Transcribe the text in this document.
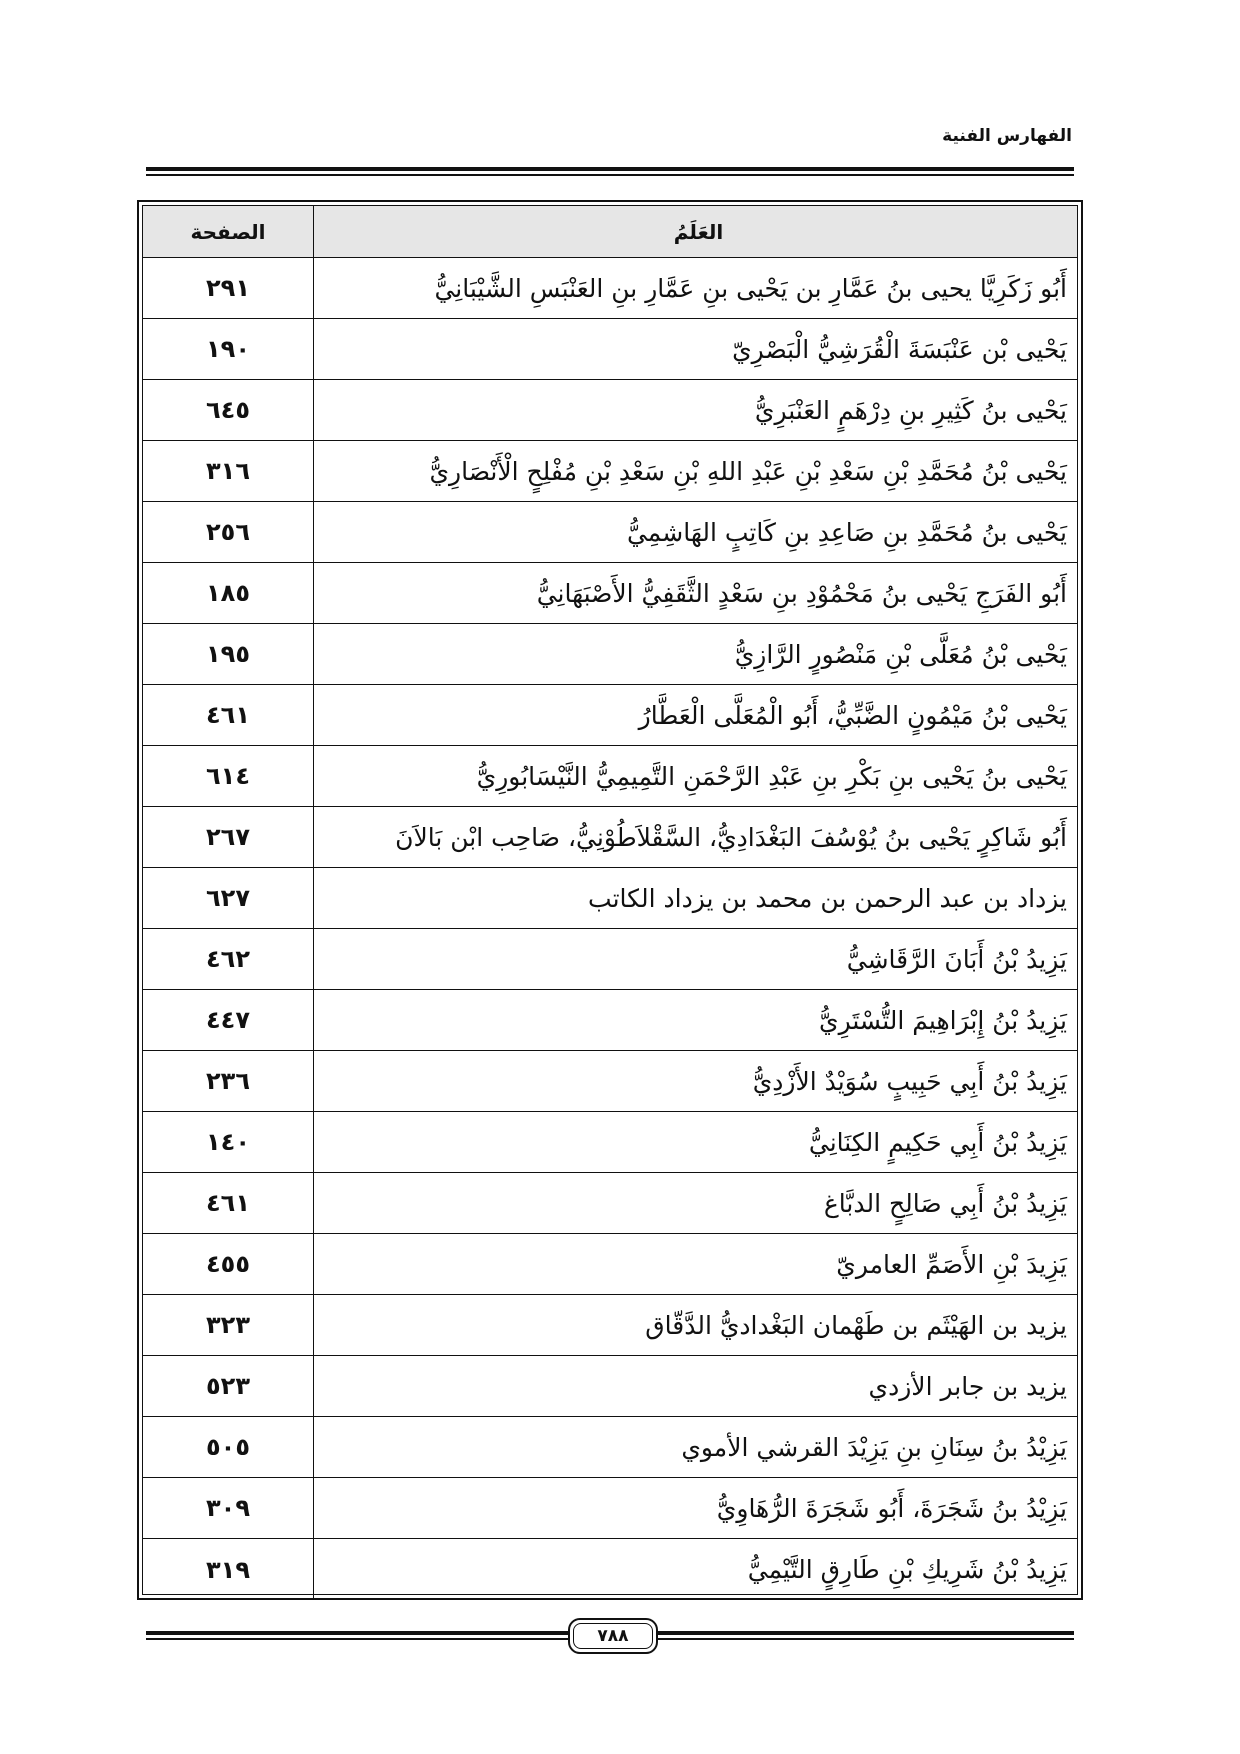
الفهارس الفنية
العَلَمُ
الصفحة
أَبُو زَكَرِيَّا يحيى بنُ عَمَّارِ بن يَحْيى بنِ عَمَّارِ بنِ العَنْبَسِ الشَّيْبَانِيُّ
٢٩١
يَحْيى بْن عَنْبَسَةَ الْقُرَشِيُّ الْبَصْرِيّ
١٩٠
يَحْيى بنُ كَثِيرِ بنِ دِرْهَمٍ العَنْبَرِيُّ
٦٤٥
يَحْيى بْنُ مُحَمَّدِ بْنِ سَعْدِ بْنِ عَبْدِ اللهِ بْنِ سَعْدِ بْنِ مُفْلِحٍ الْأَنْصَارِيُّ
٣١٦
يَحْيى بنُ مُحَمَّدِ بنِ صَاعِدِ بنِ كَاتِبٍ الهَاشِمِيُّ
٢٥٦
أَبُو الفَرَجِ يَحْيى بنُ مَحْمُوْدِ بنِ سَعْدٍ الثَّقَفِيُّ الأَصْبَهَانِيُّ
١٨٥
يَحْيى بْنُ مُعَلَّى بْنِ مَنْصُورٍ الرَّازِيُّ
١٩٥
يَحْيى بْنُ مَيْمُونٍ الضَّبِّيُّ، أَبُو الْمُعَلَّى الْعَطَّارُ
٤٦١
يَحْيى بنُ يَحْيى بنِ بَكْرِ بنِ عَبْدِ الرَّحْمَنِ التَّمِيمِيُّ النَّيْسَابُورِيُّ
٦١٤
أَبُو شَاكِرٍ يَحْيى بنُ يُوْسُفَ البَغْدَادِيُّ، السَّقْلاَطُوْنِيُّ، صَاحِب ابْن بَالاَنَ
٢٦٧
يزداد بن عبد الرحمن بن محمد بن يزداد الكاتب
٦٢٧
يَزِيدُ بْنُ أَبَانَ الرَّقَاشِيُّ
٤٦٢
يَزِيدُ بْنُ إِبْرَاهِيمَ التُّسْتَرِيُّ
٤٤٧
يَزِيدُ بْنُ أَبِي حَبِيبٍ سُوَيْدٌ الأَزْدِيُّ
٢٣٦
يَزِيدُ بْنُ أَبِي حَكِيمٍ الكِنَانِيُّ
١٤٠
يَزِيدُ بْنُ أَبِي صَالِحٍ الدبَّاغ
٤٦١
يَزِيدَ بْنِ الأَصَمِّ العامريّ
٤٥٥
يزيد بن الهَيْثَم بن طَهْمان البَغْداديُّ الدَّقّاق
٣٢٣
يزيد بن جابر الأزدي
٥٢٣
يَزِيْدُ بنُ سِنَانِ بنِ يَزِيْدَ القرشي الأموي
٥٠٥
يَزِيْدُ بنُ شَجَرَةَ، أَبُو شَجَرَةَ الرُّهَاوِيُّ
٣٠٩
يَزِيدُ بْنُ شَرِيكِ بْنِ طَارِقٍ التَّيْمِيُّ
٣١٩
٧٨٨
